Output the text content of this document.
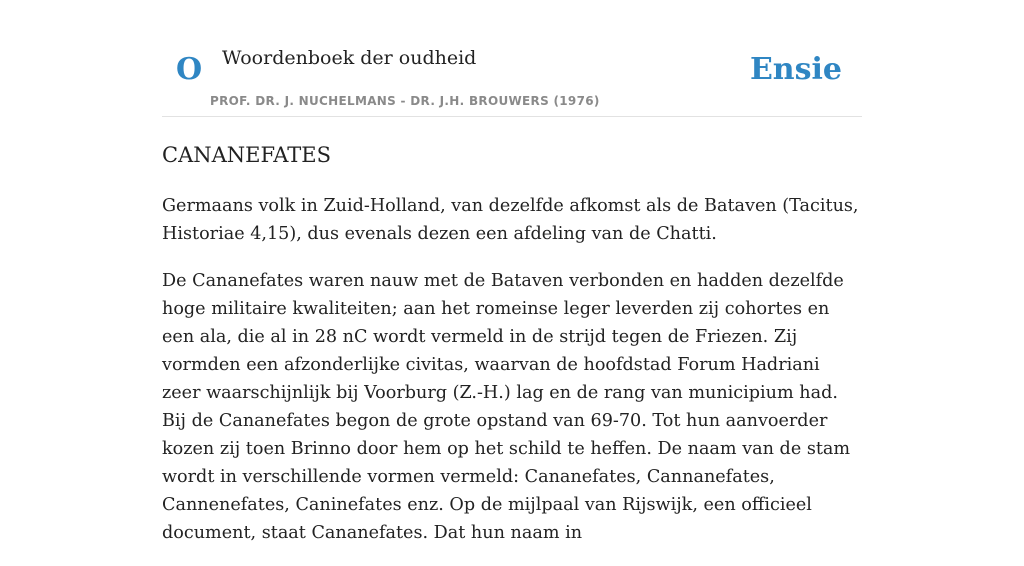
O Woordenboek der oudheid
PROF. DR. J. NUCHELMANS - DR. J.H. BROUWERS (1976)
Ensie
CANANEFATES

Germaans volk in Zuid-Holland, van dezelfde afkomst als de Bataven (Tacitus, Historiae 4,15), dus evenals dezen een afdeling van de Chatti.

De Cananefates waren nauw met de Bataven verbonden en hadden dezelfde hoge militaire kwaliteiten; aan het romeinse leger leverden zij cohortes en een ala, die al in 28 nC wordt vermeld in de strijd tegen de Friezen. Zij vormden een afzonderlijke civitas, waarvan de hoofdstad Forum Hadriani zeer waarschijnlijk bij Voorburg (Z.-H.) lag en de rang van municipium had. Bij de Cananefates begon de grote opstand van 69-70. Tot hun aanvoerder kozen zij toen Brinno door hem op het schild te heffen. De naam van de stam wordt in verschillende vormen vermeld: Cananefates, Cannanefates, Cannenefates, Caninefates enz. Op de mijlpaal van Rijswijk, een officieel document, staat Cananefates. Dat hun naam in
